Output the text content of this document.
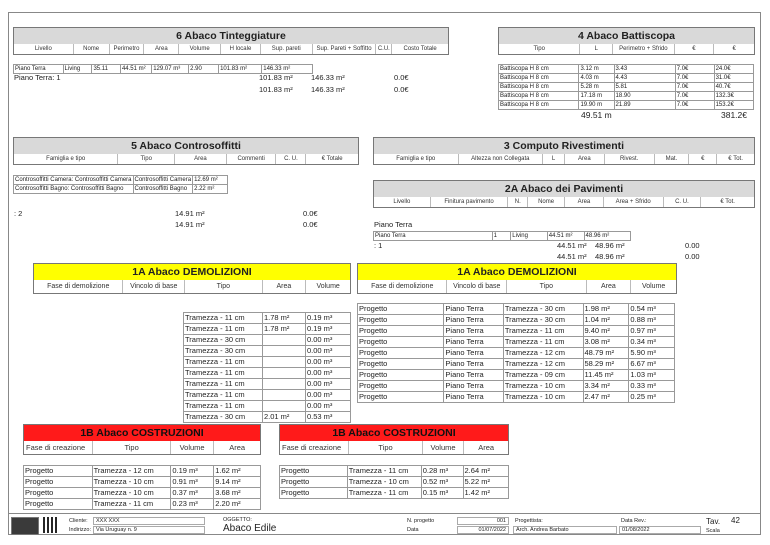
6 Abaco Tinteggiature
Livello	Nome	Perimetro	Area	Volume	H locale	Sup. pareti	Sup. Pareti + Soffitto	C.U.	Costo Totale
Piano Terra	Living	35.11	44.51 m²	129.07 m³	2.90	101.83 m²	146.33 m²
Piano Terra: 1	101.83 m² 146.33 m²	0.0€
101.83 m² 146.33 m²	0.0€
4 Abaco Battiscopa
Tipo	L	Perimetro + Sfrido	€	€
Battiscopa H 8 cm	3.12 m	3.43	7.0€	24.0€
Battiscopa H 8 cm	4.03 m	4.43	7.0€	31.0€
Battiscopa H 8 cm	5.28 m	5.81	7.0€	40.7€
Battiscopa H 8 cm	17.18 m	18.90	7.0€	132.3€
Battiscopa H 8 cm	19.90 m	21.89	7.0€	153.2€
49.51 m	381.2€
5 Abaco Controsoffitti
Famiglia e tipo	Tipo	Area	Commenti	C. U.	€ Totale
Controsoffitti Camera: Controsoffitti Camera	Controsoffitti Camera	12.69 m²
Controsoffitti Bagno: Controsoffitti Bagno	Controsoffitti Bagno	2.22 m²
: 2	14.91 m²	0.0€
14.91 m²	0.0€
3 Computo Rivestimenti
Famiglia e tipo	Altezza non Collegata	L	Area	Rivest.	Mat.	€	€ Tot.
2A Abaco dei Pavimenti
Livello	Finitura pavimento	N.	Nome	Area	Area + Sfrido	C. U.	€ Tot.
Piano Terra
Piano Terra	1	Living	44.51 m²	48.96 m²
: 1	44.51 m² 48.96 m²	0.00
44.51 m² 48.96 m²	0.00
1A Abaco DEMOLIZIONI
Fase di demolizione	Vincolo di base	Tipo	Area	Volume
Tramezza - 11 cm	1.78 m²	0.19 m³
Tramezza - 11 cm	1.78 m²	0.19 m³
Tramezza - 30 cm		0.00 m³
Tramezza - 30 cm		0.00 m³
Tramezza - 11 cm		0.00 m³
Tramezza - 11 cm		0.00 m³
Tramezza - 11 cm		0.00 m³
Tramezza - 11 cm		0.00 m³
Tramezza - 11 cm		0.00 m³
Tramezza - 30 cm	2.01 m²	0.53 m³
1A Abaco DEMOLIZIONI
Fase di demolizione	Vincolo di base	Tipo	Area	Volume
Progetto	Piano Terra	Tramezza - 30 cm	1.98 m²	0.54 m³
Progetto	Piano Terra	Tramezza - 30 cm	1.04 m²	0.88 m³
Progetto	Piano Terra	Tramezza - 11 cm	9.40 m²	0.97 m³
Progetto	Piano Terra	Tramezza - 11 cm	3.08 m²	0.34 m³
Progetto	Piano Terra	Tramezza - 12 cm	48.79 m²	5.90 m³
Progetto	Piano Terra	Tramezza - 12 cm	58.29 m²	6.67 m³
Progetto	Piano Terra	Tramezza - 09 cm	11.45 m²	1.03 m³
Progetto	Piano Terra	Tramezza - 10 cm	3.34 m²	0.33 m³
Progetto	Piano Terra	Tramezza - 10 cm	2.47 m²	0.25 m³
1B Abaco COSTRUZIONI
Fase di creazione	Tipo	Volume	Area
Progetto	Tramezza - 12 cm	0.19 m³	1.62 m²
Progetto	Tramezza - 10 cm	0.91 m³	9.14 m²
Progetto	Tramezza - 10 cm	0.37 m³	3.68 m²
Progetto	Tramezza - 11 cm	0.23 m³	2.20 m²
1B Abaco COSTRUZIONI
Fase di creazione	Tipo	Volume	Area
Progetto	Tramezza - 11 cm	0.28 m³	2.64 m²
Progetto	Tramezza - 10 cm	0.52 m³	5.22 m²
Progetto	Tramezza - 11 cm	0.15 m³	1.42 m²
Cliente:	XXX XXX
Indirizzo: Via Uruguay n. 9
OGGETTO:
Abaco Edile
N. progetto	001
Data	01/07/2022
Progettista:
Arch. Andrea Barbato
Data Rev.:
01/08/2022
Tav. 42
Scala
